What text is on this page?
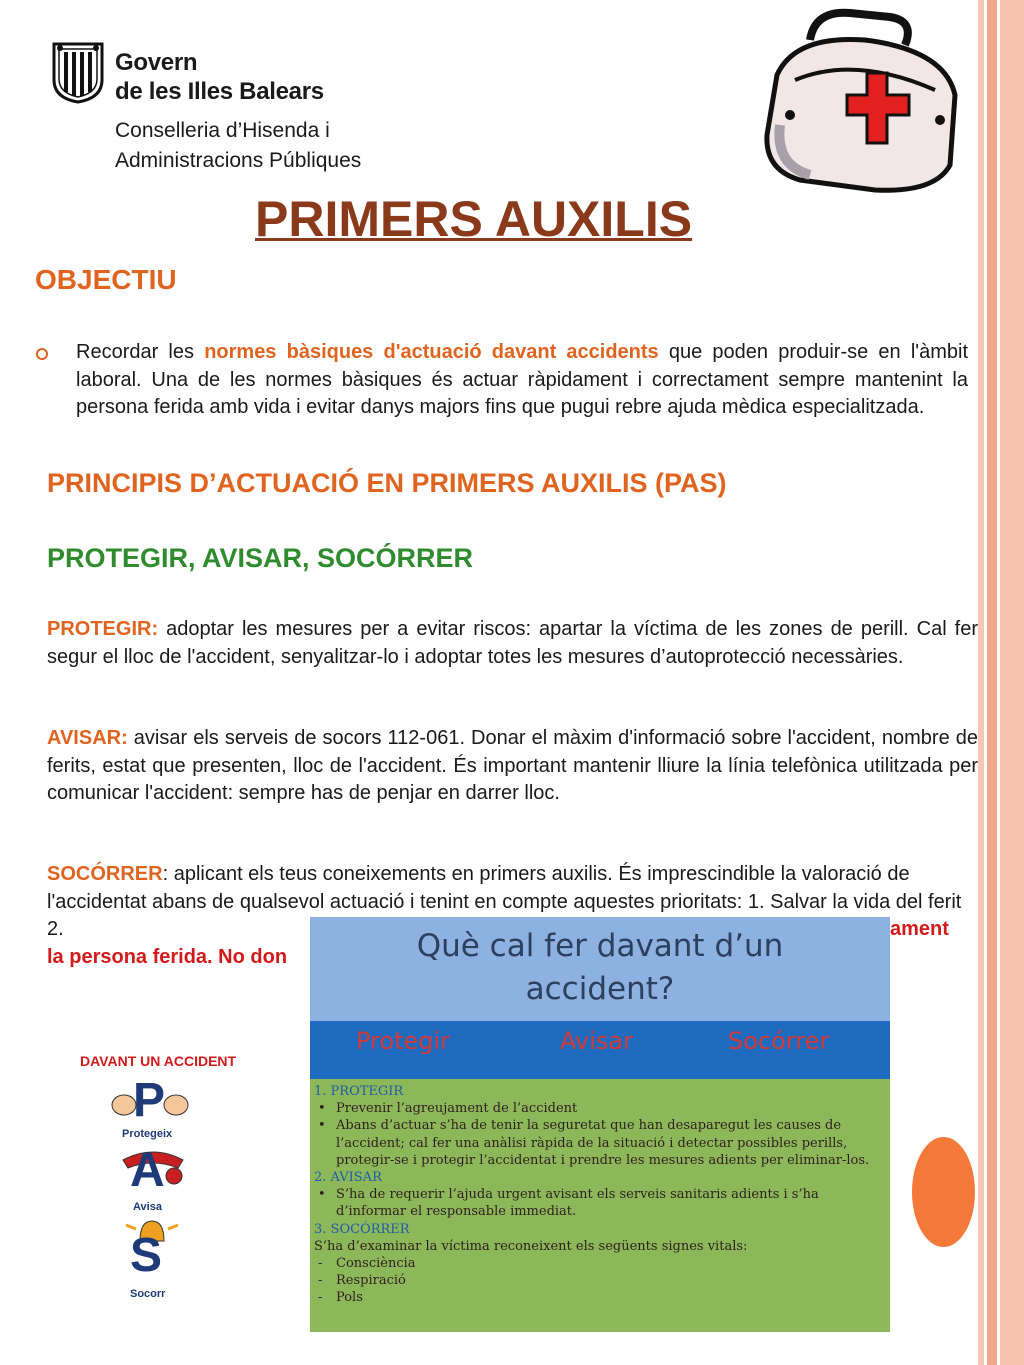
Govern
de les Illes Balears
Conselleria d’Hisenda i
Administracions Públiques
PRIMERS AUXILIS
OBJECTIU
Recordar les normes bàsiques d'actuació davant accidents que poden produir-se en l'àmbit laboral. Una de les normes bàsiques és actuar ràpidament i correctament sempre mantenint la persona ferida amb vida i evitar danys majors fins que pugui rebre ajuda mèdica especialitzada.
PRINCIPIS D’ACTUACIÓ EN PRIMERS AUXILIS (PAS)
PROTEGIR, AVISAR, SOCÓRRER
PROTEGIR: adoptar les mesures per a evitar riscos: apartar la víctima de les zones de perill. Cal fer segur el lloc de l'accident, senyalitzar-lo i adoptar totes les mesures d’autoprotecció necessàries.
AVISAR: avisar els serveis de socors 112-061. Donar el màxim d'informació sobre l'accident, nombre de ferits, estat que presenten, lloc de l'accident. És important mantenir lliure la línia telefònica utilitzada per comunicar l'accident: sempre has de penjar en darrer lloc.
SOCÓRRER: aplicant els teus coneixements en primers auxilis. És imprescindible la valoració de l'accidentat abans de qualsevol actuació i tenint en compte aquestes prioritats: 1. Salvar la vida del ferit 2.
la persona ferida. No don
ament
DAVANT UN ACCIDENT
P
Protegeix
A
Avisa
S
Socorr
Què cal fer davant d’un
accident?
Protegir	Avisar	Socórrer

1. PROTEGIR

• Prevenir l’agreujament de l’accident

• Abans d’actuar s’ha de tenir la seguretat que han desaparegut les causes de l’accident; cal fer una anàlisi ràpida de la situació i detectar possibles perills, protegir-se i protegir l’accidentat i prendre les mesures adients per eliminar-los.

2. AVISAR

• S’ha de requerir l’ajuda urgent avisant els serveis sanitaris adients i s’ha d’informar el responsable immediat.

3. SOCÓRRER

S’ha d’examinar la víctima reconeixent els següents signes vitals:

- Consciència

- Respiració

- Pols
